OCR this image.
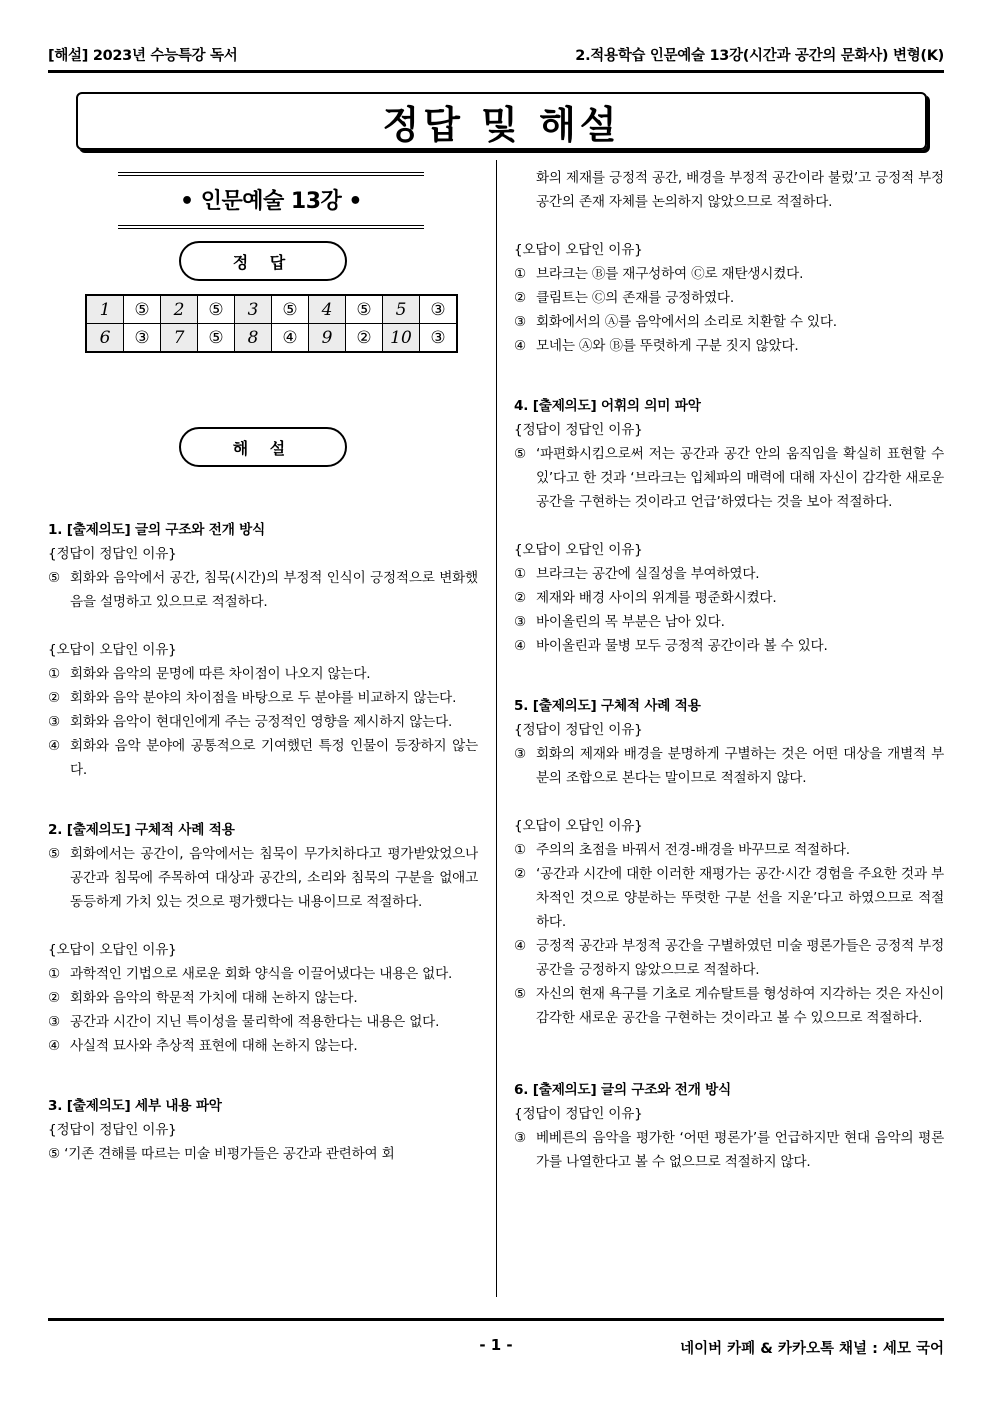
[해설] 2023년 수능특강 독서	2.적용학습 인문예술 13강(시간과 공간의 문화사) 변형(K)
정답 및 해설
• 인문예술 13강 •
정 답
1	⑤	2	⑤	3	⑤	4	⑤	5	③
6	③	7	⑤	8	④	9	②	10	③
해 설
1. [출제의도] 글의 구조와 전개 방식
{정답이 정답인 이유}
⑤ 회화와 음악에서 공간, 침묵(시간)의 부정적 인식이 긍정적으로 변화했음을 설명하고 있으므로 적절하다.
{오답이 오답인 이유}
① 회화와 음악의 문명에 따른 차이점이 나오지 않는다.
② 회화와 음악 분야의 차이점을 바탕으로 두 분야를 비교하지 않는다.
③ 회화와 음악이 현대인에게 주는 긍정적인 영향을 제시하지 않는다.
④ 회화와 음악 분야에 공통적으로 기여했던 특정 인물이 등장하지 않는다.
2. [출제의도] 구체적 사례 적용
⑤ 회화에서는 공간이, 음악에서는 침묵이 무가치하다고 평가받았었으나 공간과 침묵에 주목하여 대상과 공간의, 소리와 침묵의 구분을 없애고 동등하게 가치 있는 것으로 평가했다는 내용이므로 적절하다.
{오답이 오답인 이유}
① 과학적인 기법으로 새로운 회화 양식을 이끌어냈다는 내용은 없다.
② 회화와 음악의 학문적 가치에 대해 논하지 않는다.
③ 공간과 시간이 지닌 특이성을 물리학에 적용한다는 내용은 없다.
④ 사실적 묘사와 추상적 표현에 대해 논하지 않는다.
3. [출제의도] 세부 내용 파악
{정답이 정답인 이유}
⑤ ‘기존 견해를 따르는 미술 비평가들은 공간과 관련하여 회
화의 제재를 긍정적 공간, 배경을 부정적 공간이라 불렀’고 긍정적 부정 공간의 존재 자체를 논의하지 않았으므로 적절하다.
{오답이 오답인 이유}
① 브라크는 Ⓑ를 재구성하여 Ⓒ로 재탄생시켰다.
② 클림트는 Ⓒ의 존재를 긍정하였다.
③ 회화에서의 Ⓐ를 음악에서의 소리로 치환할 수 있다.
④ 모네는 Ⓐ와 Ⓑ를 뚜렷하게 구분 짓지 않았다.
4. [출제의도] 어휘의 의미 파악
{정답이 정답인 이유}
⑤ ‘파편화시킴으로써 저는 공간과 공간 안의 움직임을 확실히 표현할 수 있’다고 한 것과 ‘브라크는 입체파의 매력에 대해 자신이 감각한 새로운 공간을 구현하는 것이라고 언급’하였다는 것을 보아 적절하다.
{오답이 오답인 이유}
① 브라크는 공간에 실질성을 부여하였다.
② 제재와 배경 사이의 위계를 평준화시켰다.
③ 바이올린의 목 부분은 남아 있다.
④ 바이올린과 물병 모두 긍정적 공간이라 볼 수 있다.
5. [출제의도] 구체적 사례 적용
{정답이 정답인 이유}
③ 회화의 제재와 배경을 분명하게 구별하는 것은 어떤 대상을 개별적 부분의 조합으로 본다는 말이므로 적절하지 않다.
{오답이 오답인 이유}
① 주의의 초점을 바꿔서 전경-배경을 바꾸므로 적절하다.
② ‘공간과 시간에 대한 이러한 재평가는 공간·시간 경험을 주요한 것과 부차적인 것으로 양분하는 뚜렷한 구분 선을 지운’다고 하였으므로 적절하다.
④ 긍정적 공간과 부정적 공간을 구별하였던 미술 평론가들은 긍정적 부정 공간을 긍정하지 않았으므로 적절하다.
⑤ 자신의 현재 욕구를 기초로 게슈탈트를 형성하여 지각하는 것은 자신이 감각한 새로운 공간을 구현하는 것이라고 볼 수 있으므로 적절하다.
6. [출제의도] 글의 구조와 전개 방식
{정답이 정답인 이유}
③ 베베른의 음악을 평가한 ‘어떤 평론가’를 언급하지만 현대 음악의 평론가를 나열한다고 볼 수 없으므로 적절하지 않다.
- 1 -	네이버 카페 & 카카오톡 채널 : 세모 국어
